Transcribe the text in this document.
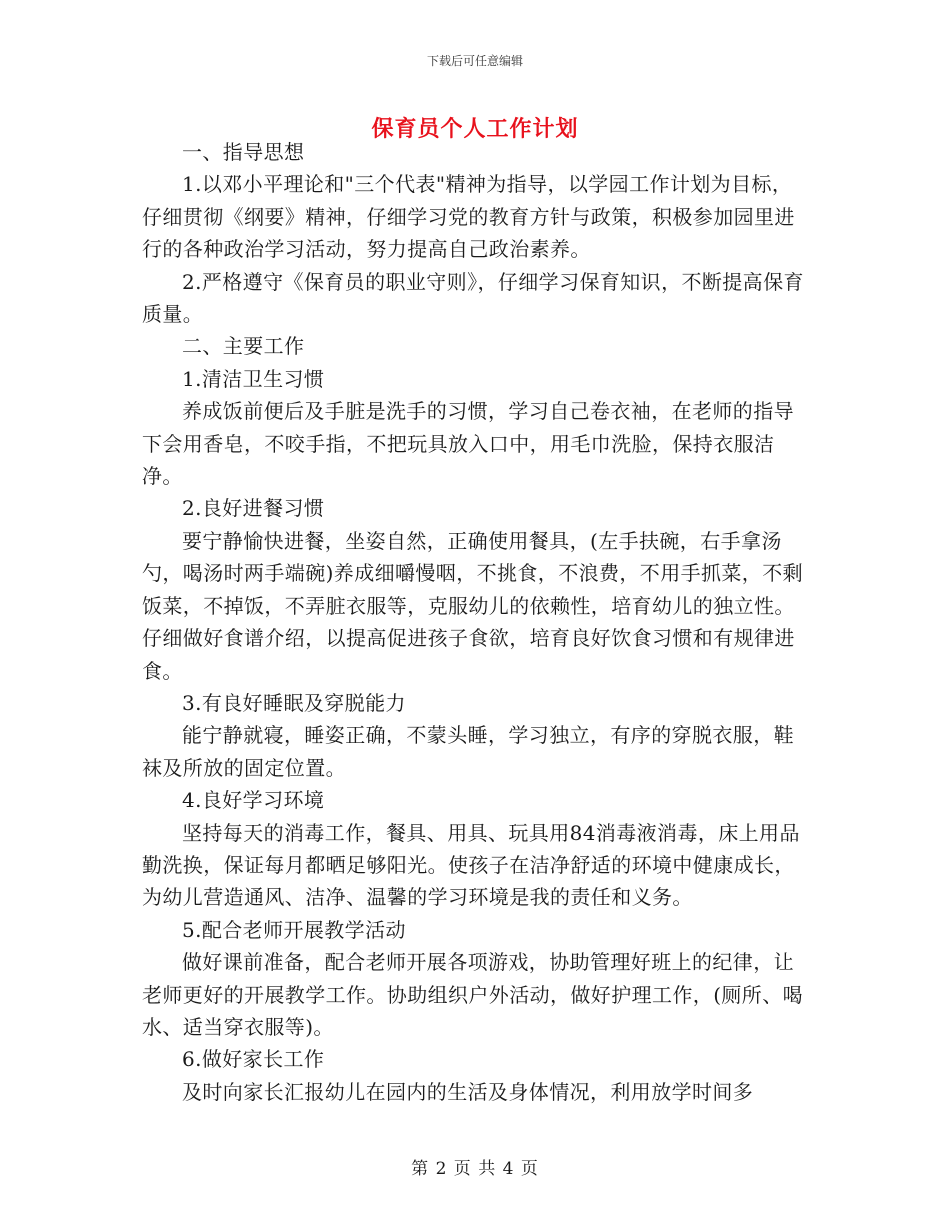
下载后可任意编辑
保育员个人工作计划

一、指导思想

1.以邓小平理论和"三个代表"精神为指导，以学园工作计划为目标，仔细贯彻《纲要》精神，仔细学习党的教育方针与政策，积极参加园里进行的各种政治学习活动，努力提高自己政治素养。

2.严格遵守《保育员的职业守则》，仔细学习保育知识，不断提高保育质量。

二、主要工作

1.清洁卫生习惯

养成饭前便后及手脏是洗手的习惯，学习自己卷衣袖，在老师的指导下会用香皂，不咬手指，不把玩具放入口中，用毛巾洗脸，保持衣服洁净。

2.良好进餐习惯

要宁静愉快进餐，坐姿自然，正确使用餐具，(左手扶碗，右手拿汤勺，喝汤时两手端碗)养成细嚼慢咽，不挑食，不浪费，不用手抓菜，不剩饭菜，不掉饭，不弄脏衣服等，克服幼儿的依赖性，培育幼儿的独立性。仔细做好食谱介绍，以提高促进孩子食欲，培育良好饮食习惯和有规律进食。

3.有良好睡眠及穿脱能力

能宁静就寝，睡姿正确，不蒙头睡，学习独立，有序的穿脱衣服，鞋袜及所放的固定位置。

4.良好学习环境

坚持每天的消毒工作，餐具、用具、玩具用84消毒液消毒，床上用品勤洗换，保证每月都晒足够阳光。使孩子在洁净舒适的环境中健康成长，为幼儿营造通风、洁净、温馨的学习环境是我的责任和义务。

5.配合老师开展教学活动

做好课前准备，配合老师开展各项游戏，协助管理好班上的纪律，让老师更好的开展教学工作。协助组织户外活动，做好护理工作，(厕所、喝水、适当穿衣服等)。

6.做好家长工作

及时向家长汇报幼儿在园内的生活及身体情况，利用放学时间多

第 2 页 共 4 页
